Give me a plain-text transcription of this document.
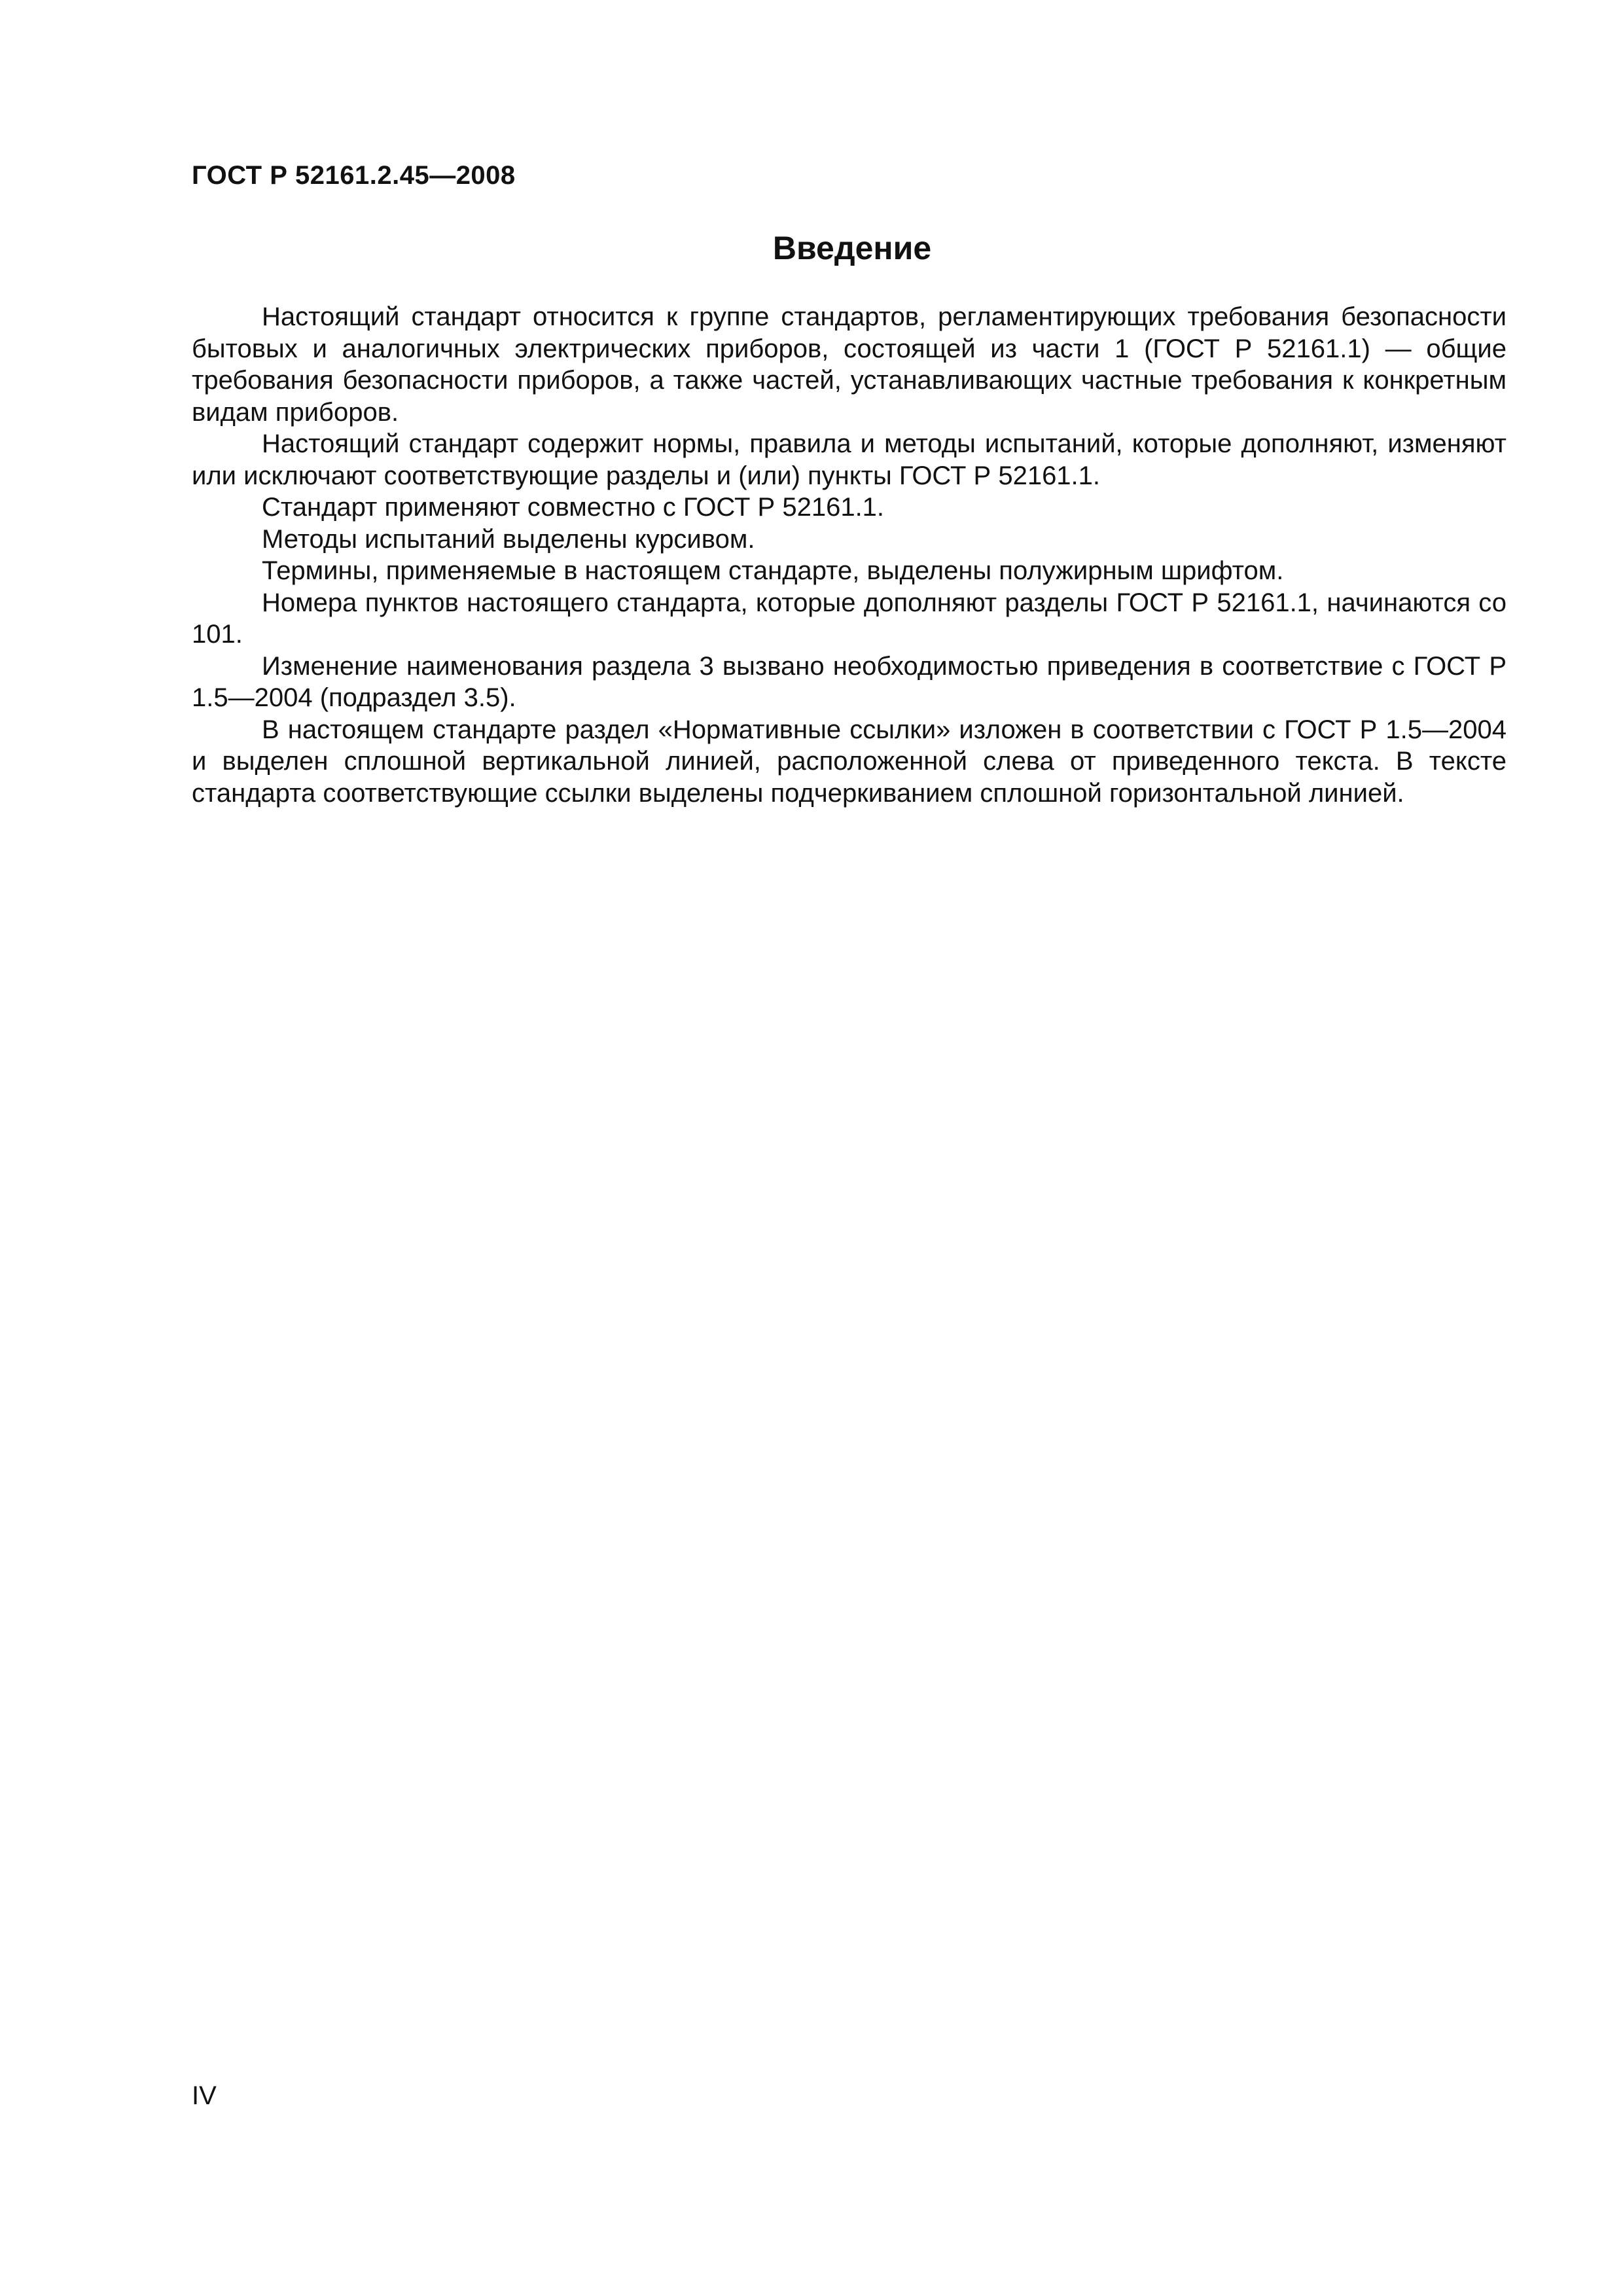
ГОСТ Р 52161.2.45—2008
Введение

Настоящий стандарт относится к группе стандартов, регламентирующих требования безопасности бытовых и аналогичных электрических приборов, состоящей из части 1 (ГОСТ Р 52161.1) — общие требования безопасности приборов, а также частей, устанавливающих частные требования к конкретным видам приборов.

Настоящий стандарт содержит нормы, правила и методы испытаний, которые дополняют, изменяют или исключают соответствующие разделы и (или) пункты ГОСТ Р 52161.1.

Стандарт применяют совместно с ГОСТ Р 52161.1.

Методы испытаний выделены курсивом.

Термины, применяемые в настоящем стандарте, выделены полужирным шрифтом.

Номера пунктов настоящего стандарта, которые дополняют разделы ГОСТ Р 52161.1, начинаются со 101.

Изменение наименования раздела 3 вызвано необходимостью приведения в соответствие с ГОСТ Р 1.5—2004 (подраздел 3.5).

В настоящем стандарте раздел «Нормативные ссылки» изложен в соответствии с ГОСТ Р 1.5—2004 и выделен сплошной вертикальной линией, расположенной слева от приведенного текста. В тексте стандарта соответствующие ссылки выделены подчеркиванием сплошной горизонтальной линией.

IV
